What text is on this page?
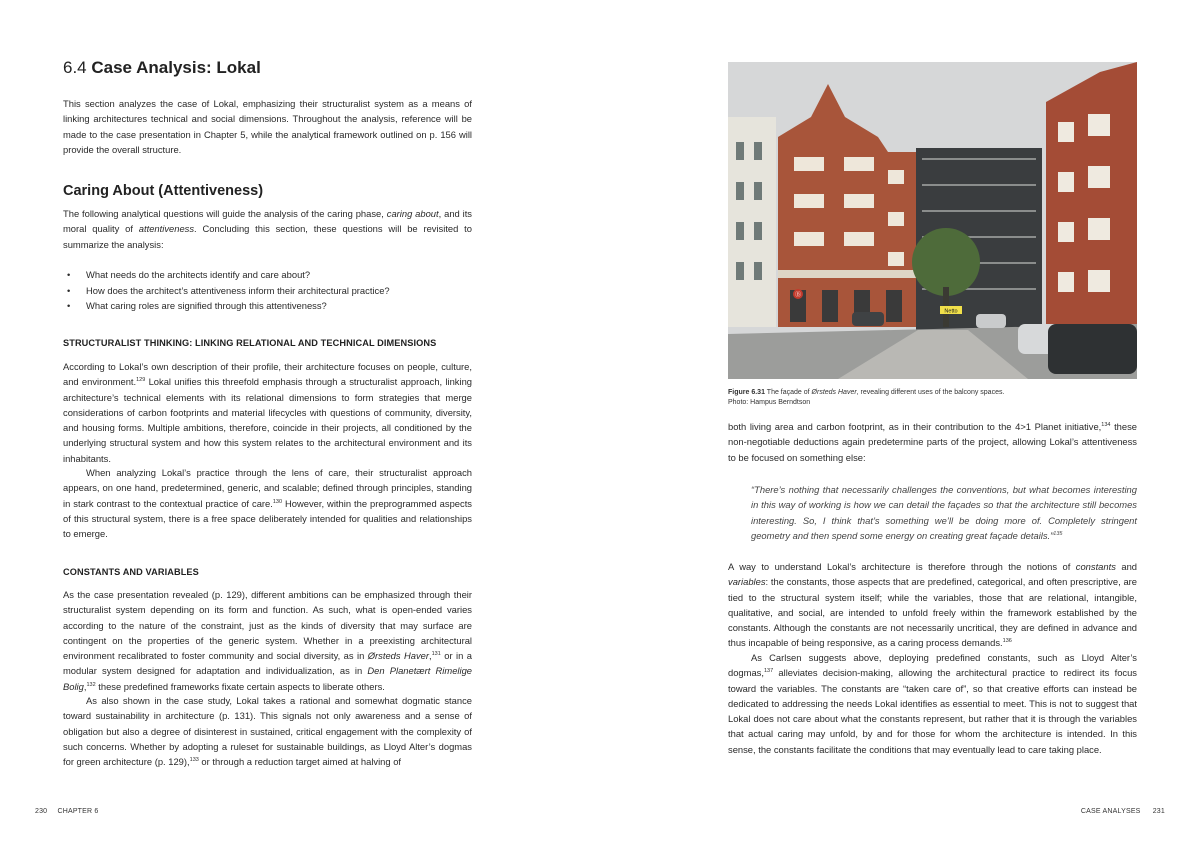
6.4 Case Analysis: Lokal

This section analyzes the case of Lokal, emphasizing their structuralist system as a means of linking architectures technical and social dimensions. Throughout the analysis, reference will be made to the case presentation in Chapter 5, while the analytical framework outlined on p. 156 will provide the overall structure.

Caring About (Attentiveness)

The following analytical questions will guide the analysis of the caring phase, caring about, and its moral quality of attentiveness. Concluding this section, these questions will be revisited to summarize the analysis:

• What needs do the architects identify and care about?
• How does the architect’s attentiveness inform their architectural practice?
• What caring roles are signified through this attentiveness?
STRUCTURALIST THINKING: LINKING RELATIONAL AND TECHNICAL DIMENSIONS

According to Lokal’s own description of their profile, their architecture focuses on people, culture, and environment.$^{129}$ Lokal unifies this threefold emphasis through a structuralist approach, linking architecture’s technical elements with its relational dimensions to form strategies that merge considerations of carbon footprints and material lifecycles with questions of community, diversity, and housing forms. Multiple ambitions, therefore, coincide in their projects, all conditioned by the underlying structural system and how this system relates to the architectural environment and its inhabitants.

When analyzing Lokal’s practice through the lens of care, their structuralist approach appears, on one hand, predetermined, generic, and scalable; defined through principles, standing in stark contrast to the contextual practice of care.$^{130}$ However, within the preprogrammed aspects of this structural system, there is a free space deliberately intended for qualities and relationships to emerge.

CONSTANTS AND VARIABLES

As the case presentation revealed (p. 129), different ambitions can be emphasized through their structuralist system depending on its form and function. As such, what is open-ended varies according to the nature of the constraint, just as the kinds of diversity that may surface are contingent on the properties of the generic system. Whether in a preexisting architectural environment recalibrated to foster community and social diversity, as in Ørsteds Haver,$^{131}$ or in a modular system designed for adaptation and individualization, as in Den Planetært Rimelige Bolig,$^{132}$ these predefined frameworks fixate certain aspects to liberate others.

As also shown in the case study, Lokal takes a rational and somewhat dogmatic stance toward sustainability in architecture (p. 131). This signals not only awareness and a sense of obligation but also a degree of disinterest in sustained, critical engagement with the complexity of such concerns. Whether by adopting a ruleset for sustainable buildings, as Lloyd Alter’s dogmas for green architecture (p. 129),$^{133}$ or through a reduction target aimed at halving of

230 CHAPTER 6
Ⓑ
Netto
Figure 6.31 The façade of Ørsteds Haver, revealing different uses of the balcony spaces.
Photo: Hampus Berndtson

both living area and carbon footprint, as in their contribution to the 4>1 Planet initiative,$^{134}$ these non-negotiable deductions again predetermine parts of the project, allowing Lokal’s attentiveness to be focused on something else:

“There’s nothing that necessarily challenges the conventions, but what becomes interesting in this way of working is how we can detail the façades so that the architecture still becomes interesting. So, I think that’s something we’ll be doing more of. Completely stringent geometry and then spend some energy on creating great façade details.”$^{135}$

A way to understand Lokal’s architecture is therefore through the notions of constants and variables: the constants, those aspects that are predefined, categorical, and often prescriptive, are tied to the structural system itself; while the variables, those that are relational, intangible, qualitative, and social, are intended to unfold freely within the framework established by the constants. Although the constants are not necessarily uncritical, they are defined in advance and thus incapable of being responsive, as a caring process demands.$^{136}$

As Carlsen suggests above, deploying predefined constants, such as Lloyd Alter’s dogmas,$^{137}$ alleviates decision-making, allowing the architectural practice to redirect its focus toward the variables. The constants are “taken care of”, so that creative efforts can instead be dedicated to addressing the needs Lokal identifies as essential to meet. This is not to suggest that Lokal does not care about what the constants represent, but rather that it is through the variables that actual caring may unfold, by and for those for whom the architecture is intended. In this sense, the constants facilitate the conditions that may eventually lead to care taking place.

CASE ANALYSES 231
